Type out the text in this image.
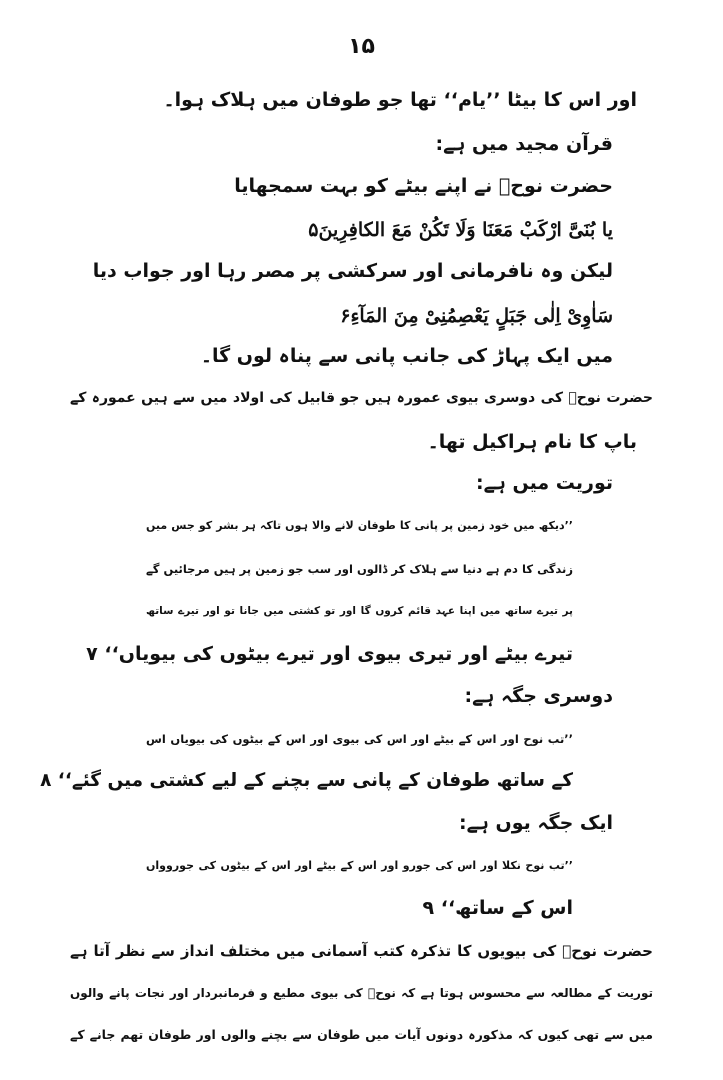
۱۵
اور اس کا بیٹا ’’یام‘‘ تھا جو طوفان میں ہلاک ہوا۔
قرآن مجید میں ہے:
حضرت نوحؑ نے اپنے بیٹے کو بہت سمجھایا
یا بُنَیَّ ارْکَبْ مَعَنَا وَلَا تَکُنْ مَعَ الکافِرِینَ۵
لیکن وہ نافرمانی اور سرکشی پر مصر رہا اور جواب دیا
سَاٰوِیْ اِلٰی جَبَلٍ یَعْصِمُنِیْ مِنَ المَآءِ۶
میں ایک پہاڑ کی جانب پانی سے پناہ لوں گا۔
حضرت نوحؑ کی دوسری بیوی عمورہ ہیں جو قابیل کی اولاد میں سے ہیں عمورہ کے
باپ کا نام ہراکیل تھا۔
توریت میں ہے:
’’دیکھ میں خود زمین پر پانی کا طوفان لانے والا ہوں تاکہ ہر بشر کو جس میں
زندگی کا دم ہے دنیا سے ہلاک کر ڈالوں اور سب جو زمین پر ہیں مرجائیں گے
پر تیرے ساتھ میں اپنا عہد قائم کروں گا اور تو کشتی میں جانا تو اور تیرے ساتھ
تیرے بیٹے اور تیری بیوی اور تیرے بیٹوں کی بیویاں‘‘ ۷
دوسری جگہ ہے:
’’تب نوح اور اس کے بیٹے اور اس کی بیوی اور اس کے بیٹوں کی بیویاں اس
کے ساتھ طوفان کے پانی سے بچنے کے لیے کشتی میں گئے‘‘ ۸
ایک جگہ یوں ہے:
’’تب نوح نکلا اور اس کی جورو اور اس کے بیٹے اور اس کے بیٹوں کی جوروواں
اس کے ساتھ‘‘ ۹
حضرت نوحؑ کی بیویوں کا تذکرہ کتب آسمانی میں مختلف انداز سے نظر آتا ہے
توریت کے مطالعہ سے محسوس ہوتا ہے کہ نوحؑ کی بیوی مطیع و فرمانبردار اور نجات پانے والوں
میں سے تھی کیوں کہ مذکورہ دونوں آیات میں طوفان سے بچنے والوں اور طوفان تھم جانے کے
